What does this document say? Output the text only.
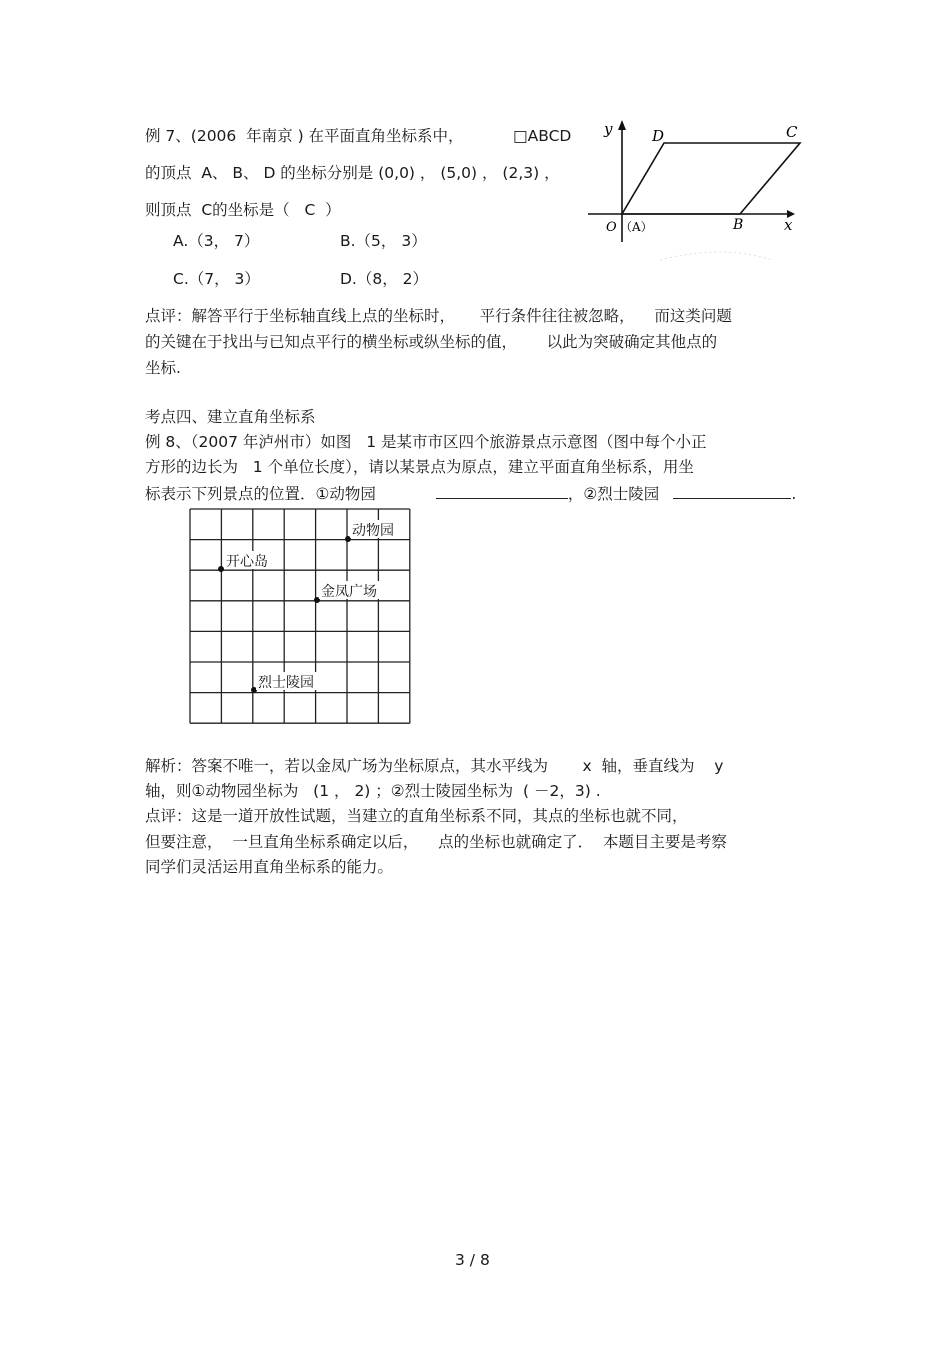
例 7、(2006  年南京 ) 在平面直角坐标系中，	□ABCD
的顶点  A、 B、 D 的坐标分别是 (0,0) ， (5,0) ， (2,3) ，
则顶点  C的坐标是（   C  ）
A.（3， 7）	B.（5， 3）
C.（7， 3）	D.（8， 2）
y
x
D	C
O （A）	B
点评：解答平行于坐标轴直线上点的坐标时，     平行条件往往被忽略，    而这类问题
的关键在于找出与已知点平行的横坐标或纵坐标的值，      以此为突破确定其他点的
坐标.
考点四、建立直角坐标系
例 8、（2007 年泸州市）如图   1 是某市市区四个旅游景点示意图（图中每个小正
方形的边长为   1 个单位长度），请以某景点为原点，建立平面直角坐标系，用坐
标表示下列景点的位置．①动物园	，②烈士陵园	.
动物园
开心岛
金凤广场
烈士陵园
解析：答案不唯一，若以金凤广场为坐标原点，其水平线为       x  轴，垂直线为    y
轴，则①动物园坐标为   (1 ， 2) ；②烈士陵园坐标为  ( －2，3) .
点评：这是一道开放性试题，当建立的直角坐标系不同，其点的坐标也就不同，
但要注意，  一旦直角坐标系确定以后，    点的坐标也就确定了．  本题目主要是考察
同学们灵活运用直角坐标系的能力。
3 / 8
